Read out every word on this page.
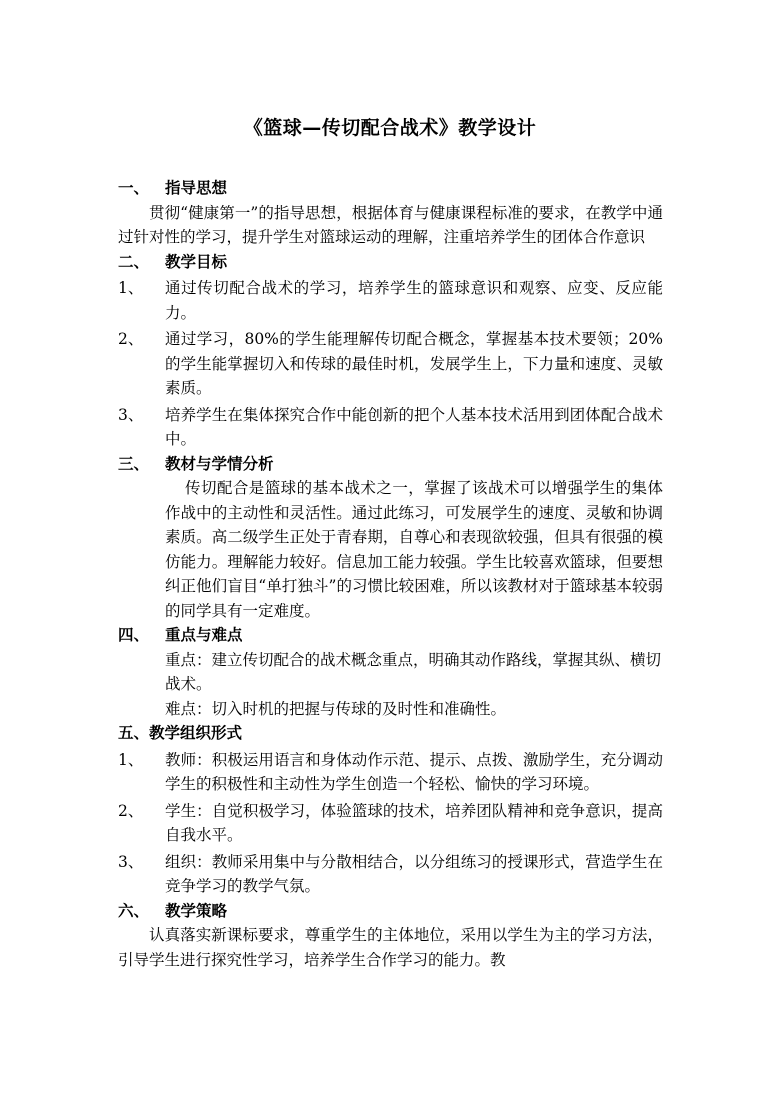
《篮球—传切配合战术》教学设计
一、 指导思想
贯彻“健康第一”的指导思想，根据体育与健康课程标准的要求，在教学中通过针对性的学习，提升学生对篮球运动的理解，注重培养学生的团体合作意识
二、 教学目标
1、 通过传切配合战术的学习，培养学生的篮球意识和观察、应变、反应能力。
2、 通过学习，80%的学生能理解传切配合概念，掌握基本技术要领；20%的学生能掌握切入和传球的最佳时机，发展学生上，下力量和速度、灵敏素质。
3、 培养学生在集体探究合作中能创新的把个人基本技术活用到团体配合战术中。
三、 教材与学情分析
传切配合是篮球的基本战术之一，掌握了该战术可以增强学生的集体作战中的主动性和灵活性。通过此练习，可发展学生的速度、灵敏和协调素质。高二级学生正处于青春期，自尊心和表现欲较强，但具有很强的模仿能力。理解能力较好。信息加工能力较强。学生比较喜欢篮球，但要想纠正他们盲目“单打独斗”的习惯比较困难，所以该教材对于篮球基本较弱的同学具有一定难度。
四、 重点与难点
重点：建立传切配合的战术概念重点，明确其动作路线，掌握其纵、横切战术。
难点：切入时机的把握与传球的及时性和准确性。
五、教学组织形式
1、 教师：积极运用语言和身体动作示范、提示、点拨、激励学生，充分调动学生的积极性和主动性为学生创造一个轻松、愉快的学习环境。
2、 学生：自觉积极学习，体验篮球的技术，培养团队精神和竞争意识，提高自我水平。
3、 组织：教师采用集中与分散相结合，以分组练习的授课形式，营造学生在竞争学习的教学气氛。
六、 教学策略
认真落实新课标要求，尊重学生的主体地位，采用以学生为主的学习方法，引导学生进行探究性学习，培养学生合作学习的能力。教
